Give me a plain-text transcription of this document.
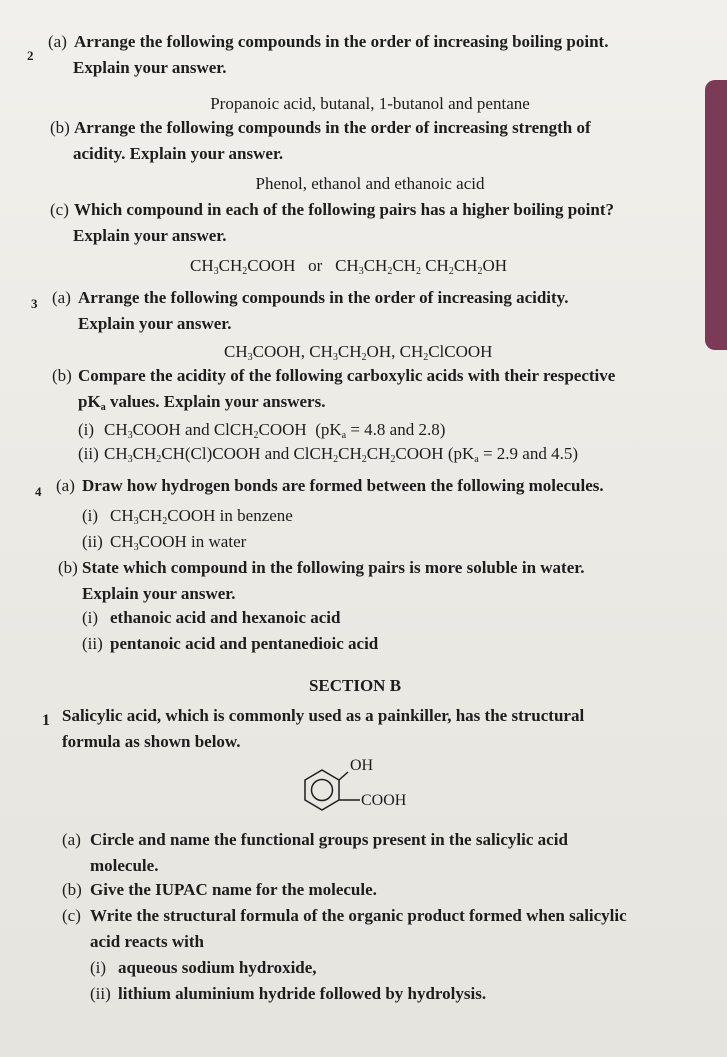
2
(a) Arrange the following compounds in the order of increasing boiling point.
Explain your answer.
Propanoic acid, butanal, 1-butanol and pentane
(b) Arrange the following compounds in the order of increasing strength of
acidity. Explain your answer.
Phenol, ethanol and ethanoic acid
(c) Which compound in each of the following pairs has a higher boiling point?
Explain your answer.
$CH_3CH_2COOH$   or   $CH_3CH_2CH_2$ $CH_2CH_2OH$
3 (a) Arrange the following compounds in the order of increasing acidity.
Explain your answer.
$CH_3COOH$, $CH_3CH_2OH$, $CH_2ClCOOH$
(b) Compare the acidity of the following carboxylic acids with their respective
$pK_a$ values. Explain your answers.
(i) $CH_3COOH$ and ClCH$_2$COOH  ($pK_a = 4.8$ and 2.8)
(ii) $CH_3CH_2CH(Cl)COOH$ and $ClCH_2CH_2CH_2COOH$ ($pK_a = 2.9$ and 4.5)
4 (a) Draw how hydrogen bonds are formed between the following molecules.
(i) $CH_3CH_2COOH$ in benzene
(ii) $CH_3COOH$ in water
(b) State which compound in the following pairs is more soluble in water.
Explain your answer.
(i) ethanoic acid and hexanoic acid
(ii) pentanoic acid and pentanedioic acid
SECTION B
1 Salicylic acid, which is commonly used as a painkiller, has the structural
formula as shown below.
OH
COOH
(a) Circle and name the functional groups present in the salicylic acid
molecule.
(b) Give the IUPAC name for the molecule.
(c) Write the structural formula of the organic product formed when salicylic
acid reacts with
(i) aqueous sodium hydroxide,
(ii) lithium aluminium hydride followed by hydrolysis.
